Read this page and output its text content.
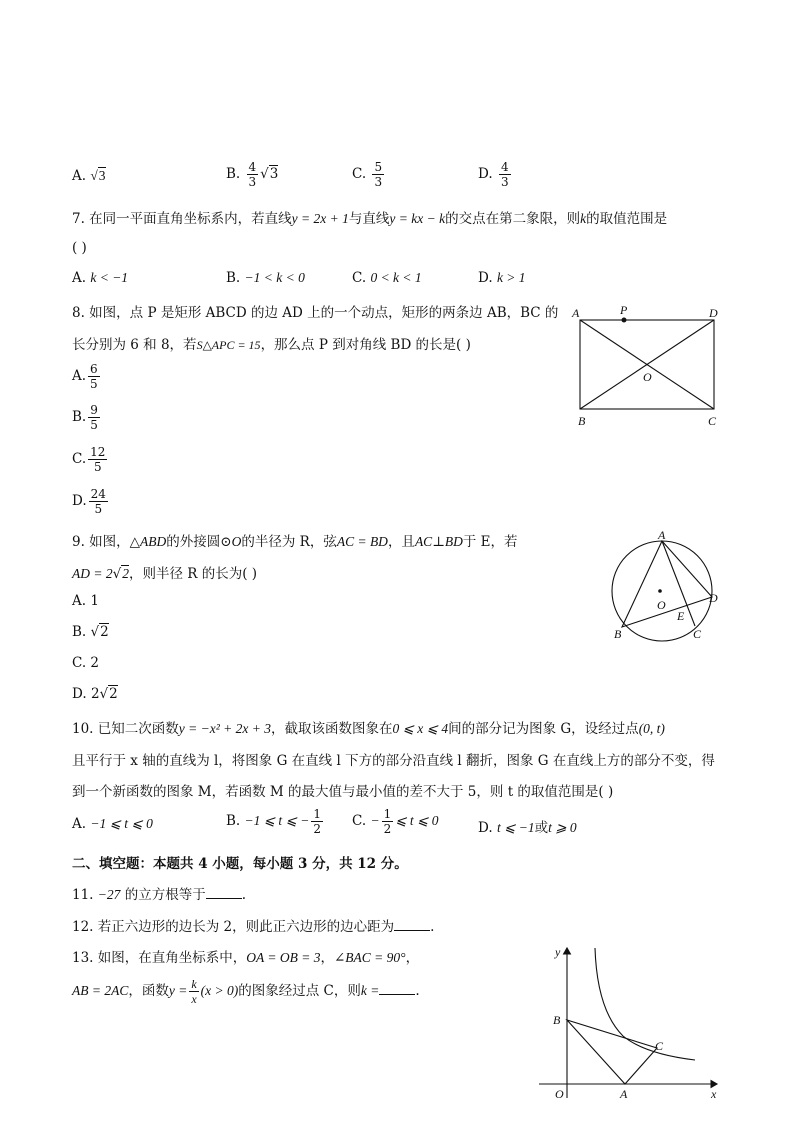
A. √3	B. $\frac{4}{3} √3$	C. $\frac{5}{3}$	D. $\frac{4}{3}$
7. 在同一平面直角坐标系内，若直线y = 2x + 1与直线y = kx − k的交点在第二象限，则k的取值范围是
( )
A. k < −1	B. −1 < k < 0	C. 0 < k < 1	D. k > 1
8. 如图，点 P 是矩形 ABCD 的边 AD 上的一个动点，矩形的两条边 AB，BC 的
长分别为 6 和 8，若S△APC = 15，那么点 P 到对角线 BD 的长是( )
A. $\frac{6}{5}$
B. $\frac{9}{5}$
C. $\frac{12}{5}$
D. $\frac{24}{5}$
A	P	D
O
B	C
9. 如图，△ABD的外接圆⊙O的半径为 R，弦AC = BD，且AC⊥BD于 E，若
AD = 2√2，则半径 R 的长为( )
A. 1
B. √2
C. 2
D. 2√2
A
O	D
E
B	C
10. 已知二次函数y = −x² + 2x + 3，截取该函数图象在0 ⩽ x ⩽ 4间的部分记为图象 G，设经过点(0, t)
且平行于 x 轴的直线为 l，将图象 G 在直线 l 下方的部分沿直线 l 翻折，图象 G 在直线上方的部分不变，得
到一个新函数的图象 M，若函数 M 的最大值与最小值的差不大于 5，则 t 的取值范围是( )
A. −1 ⩽ t ⩽ 0	B. −1 ⩽ t ⩽ − $\frac{1}{2} C$. − $\frac{1}{2}$ ⩽ t ⩽ 0	D. t ⩽ −1或t ⩾ 0
二、填空题：本题共 4 小题，每小题 3 分，共 12 分。
11. −27 的立方根等于	.
12. 若正六边形的边长为 2，则此正六边形的边心距为	.
13. 如图，在直角坐标系中，OA = OB = 3，∠BAC = 90°，
AB = 2AC，函数$y = \frac{k}{x} (x > 0)$的图象经过点 C，则k =	.
y
x
O	A
B
C
